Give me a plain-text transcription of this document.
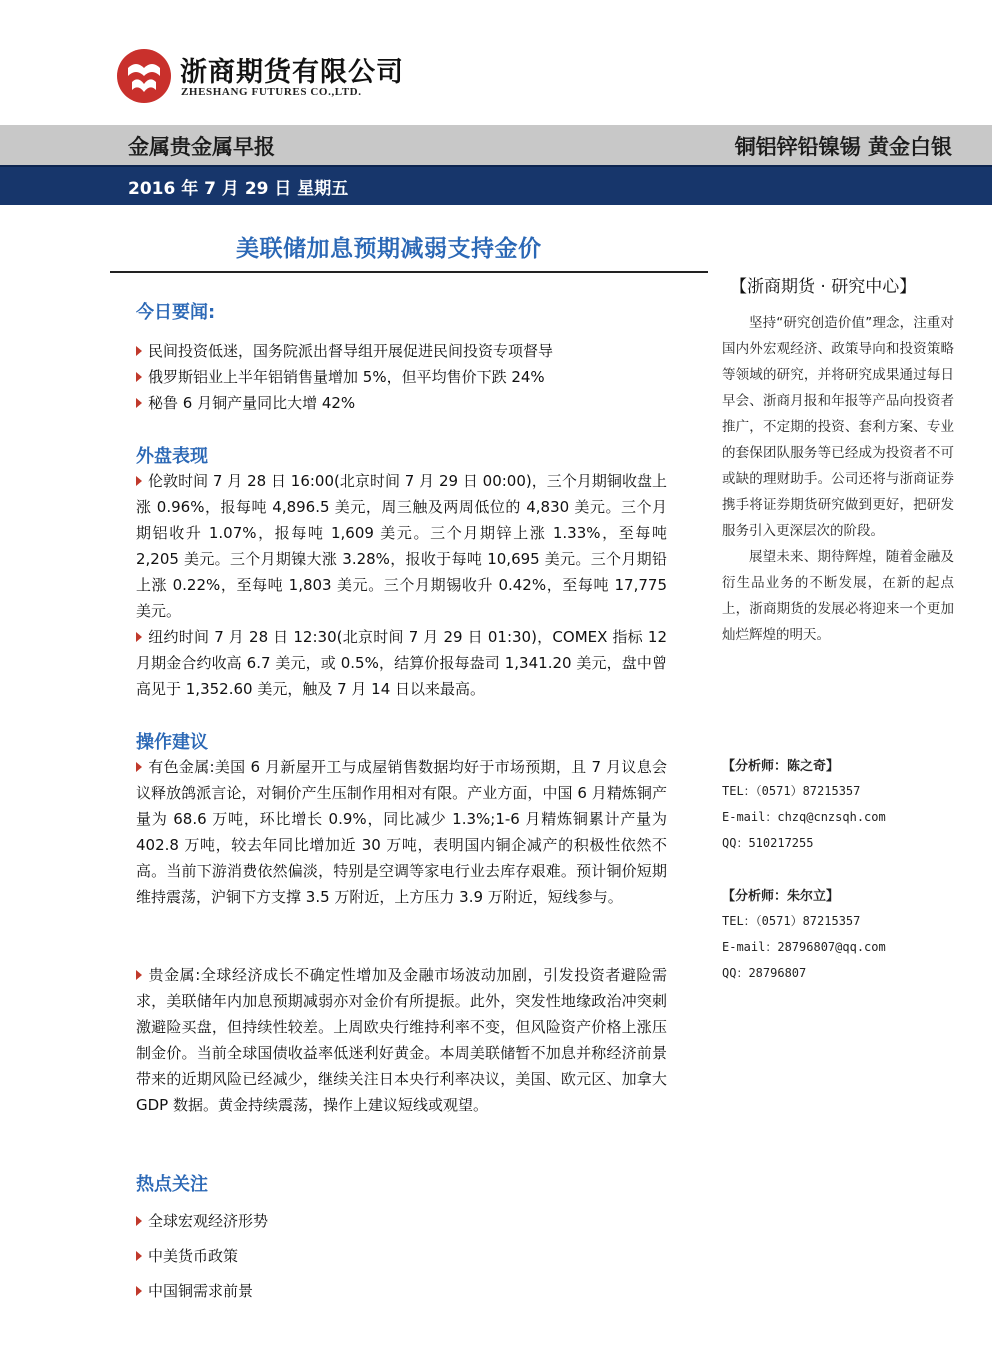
浙商期货有限公司
ZHESHANG FUTURES CO.,LTD.
金属贵金属早报	铜铝锌铅镍锡 黄金白银
2016 年 7 月 29 日 星期五
美联储加息预期减弱支持金价
今日要闻:
民间投资低迷，国务院派出督导组开展促进民间投资专项督导
俄罗斯铝业上半年铝销售量增加 5%，但平均售价下跌 24%
秘鲁 6 月铜产量同比大增 42%
外盘表现
伦敦时间 7 月 28 日 16:00(北京时间 7 月 29 日 00:00)，三个月期铜收盘上涨 0.96%，报每吨 4,896.5 美元，周三触及两周低位的 4,830 美元。三个月期铝收升 1.07%，报每吨 1,609 美元。三个月期锌上涨 1.33%，至每吨 2,205 美元。三个月期镍大涨 3.28%，报收于每吨 10,695 美元。三个月期铅上涨 0.22%，至每吨 1,803 美元。三个月期锡收升 0.42%，至每吨 17,775 美元。
纽约时间 7 月 28 日 12:30(北京时间 7 月 29 日 01:30)，COMEX 指标 12 月期金合约收高 6.7 美元，或 0.5%，结算价报每盎司 1,341.20 美元，盘中曾高见于 1,352.60 美元，触及 7 月 14 日以来最高。
操作建议
有色金属:美国 6 月新屋开工与成屋销售数据均好于市场预期，且 7 月议息会议释放鸽派言论，对铜价产生压制作用相对有限。产业方面，中国 6 月精炼铜产量为 68.6 万吨，环比增长 0.9%，同比减少 1.3%;1-6 月精炼铜累计产量为 402.8 万吨，较去年同比增加近 30 万吨，表明国内铜企减产的积极性依然不高。当前下游消费依然偏淡，特别是空调等家电行业去库存艰难。预计铜价短期维持震荡，沪铜下方支撑 3.5 万附近，上方压力 3.9 万附近，短线参与。
贵金属:全球经济成长不确定性增加及金融市场波动加剧，引发投资者避险需求，美联储年内加息预期减弱亦对金价有所提振。此外，突发性地缘政治冲突刺激避险买盘，但持续性较差。上周欧央行维持利率不变，但风险资产价格上涨压制金价。当前全球国债收益率低迷利好黄金。本周美联储暂不加息并称经济前景带来的近期风险已经减少，继续关注日本央行利率决议，美国、欧元区、加拿大 GDP 数据。黄金持续震荡，操作上建议短线或观望。
热点关注
全球宏观经济形势
中美货币政策
中国铜需求前景
【浙商期货 · 研究中心】

坚持“研究创造价值”理念，注重对国内外宏观经济、政策导向和投资策略等领域的研究，并将研究成果通过每日早会、浙商月报和年报等产品向投资者推广，不定期的投资、套利方案、专业的套保团队服务等已经成为投资者不可或缺的理财助手。公司还将与浙商证券携手将证券期货研究做到更好，把研发服务引入更深层次的阶段。

展望未来、期待辉煌，随着金融及衍生品业务的不断发展，在新的起点上，浙商期货的发展必将迎来一个更加灿烂辉煌的明天。

【分析师：陈之奇】
TEL：（0571）87215357
E-mail：chzq@cnzsqh.com
QQ：510217255
【分析师：朱尔立】
TEL：（0571）87215357
E-mail：28796807@qq.com
QQ：28796807
